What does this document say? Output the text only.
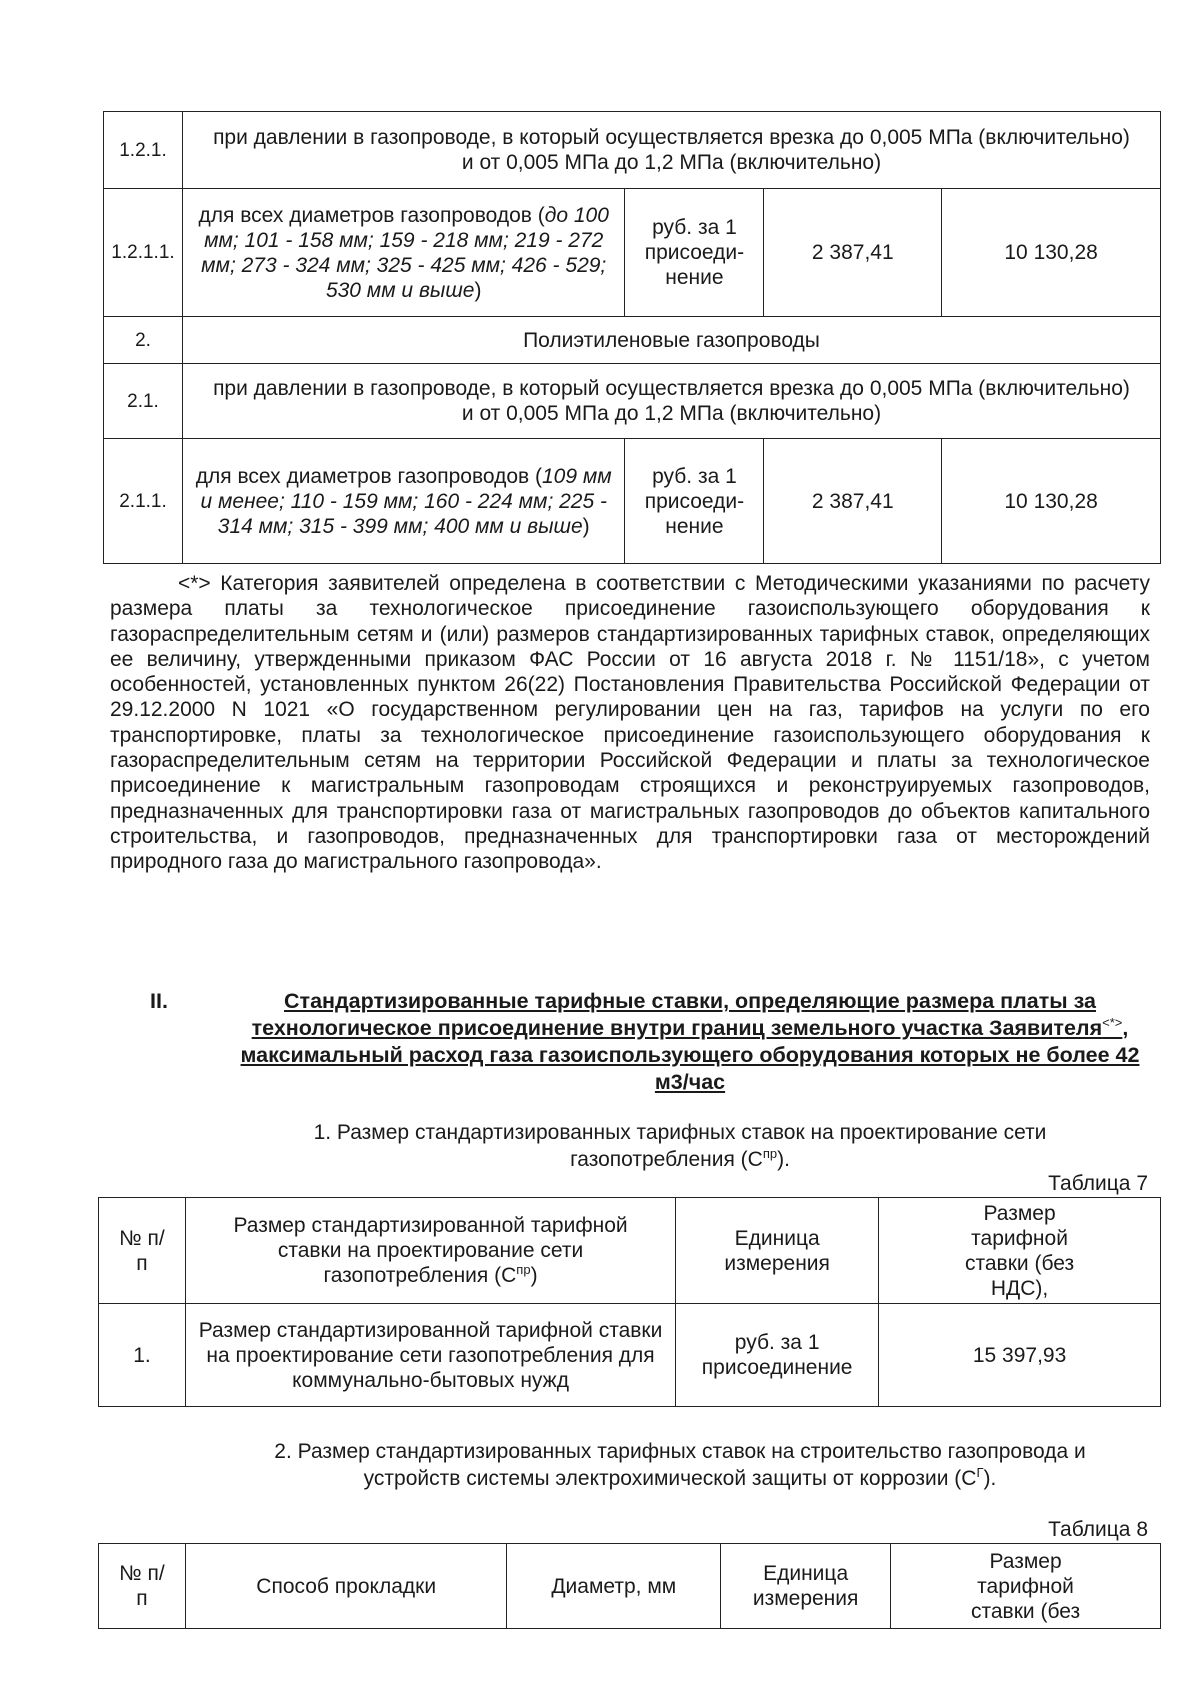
1.2.1.	при давлении в газопроводе, в который осуществляется врезка до 0,005 МПа (включительно) и от 0,005 МПа до 1,2 МПа (включительно)			
1.2.1.1.	для всех диаметров газопроводов (до 100 мм; 101 - 158 мм; 159 - 218 мм; 219 - 272 мм; 273 - 324 мм; 325 - 425 мм; 426 - 529; 530 мм и выше)	руб. за 1 присоеди-нение	2 387,41	10 130,28
2.	Полиэтиленовые газопроводы			
2.1.	при давлении в газопроводе, в который осуществляется врезка до 0,005 МПа (включительно) и от 0,005 МПа до 1,2 МПа (включительно)			
2.1.1.	для всех диаметров газопроводов (109 мм и менее; 110 - 159 мм; 160 - 224 мм; 225 - 314 мм; 315 - 399 мм; 400 мм и выше)	руб. за 1 присоеди-нение	2 387,41	10 130,28

<*> Категория заявителей определена в соответствии с Методическими указаниями по расчету размера платы за технологическое присоединение газоиспользующего оборудования к газораспределительным сетям и (или) размеров стандартизированных тарифных ставок, определяющих ее величину, утвержденными приказом ФАС России от 16 августа 2018 г. № 1151/18», с учетом особенностей, установленных пунктом 26(22) Постановления Правительства Российской Федерации от 29.12.2000 N 1021 «О государственном регулировании цен на газ, тарифов на услуги по его транспортировке, платы за технологическое присоединение газоиспользующего оборудования к газораспределительным сетям на территории Российской Федерации и платы за технологическое присоединение к магистральным газопроводам строящихся и реконструируемых газопроводов, предназначенных для транспортировки газа от магистральных газопроводов до объектов капитального строительства, и газопроводов, предназначенных для транспортировки газа от месторождений природного газа до магистрального газопровода».

II.	Стандартизированные тарифные ставки, определяющие размера платы за технологическое присоединение внутри границ земельного участка Заявителя<*>, максимальный расход газа газоиспользующего оборудования которых не более 42 м3/час
1. Размер стандартизированных тарифных ставок на проектирование сети газопотребления $(С^{пр})$.
Таблица 7
№ п/п	Размер стандартизированной тарифной ставки на проектирование сети газопотребления $(С^{пр})$	Единица измерения	Размер тарифной ставки (без НДС),
1.	Размер стандартизированной тарифной ставки на проектирование сети газопотребления для коммунально-бытовых нужд	руб. за 1 присоединение	15 397,93
2. Размер стандартизированных тарифных ставок на строительство газопровода и устройств системы электрохимической защиты от коррозии $(С^Г)$.
Таблица 8
№ п/п	Способ прокладки	Диаметр, мм	Единица измерения	Размер тарифной ставки (без
